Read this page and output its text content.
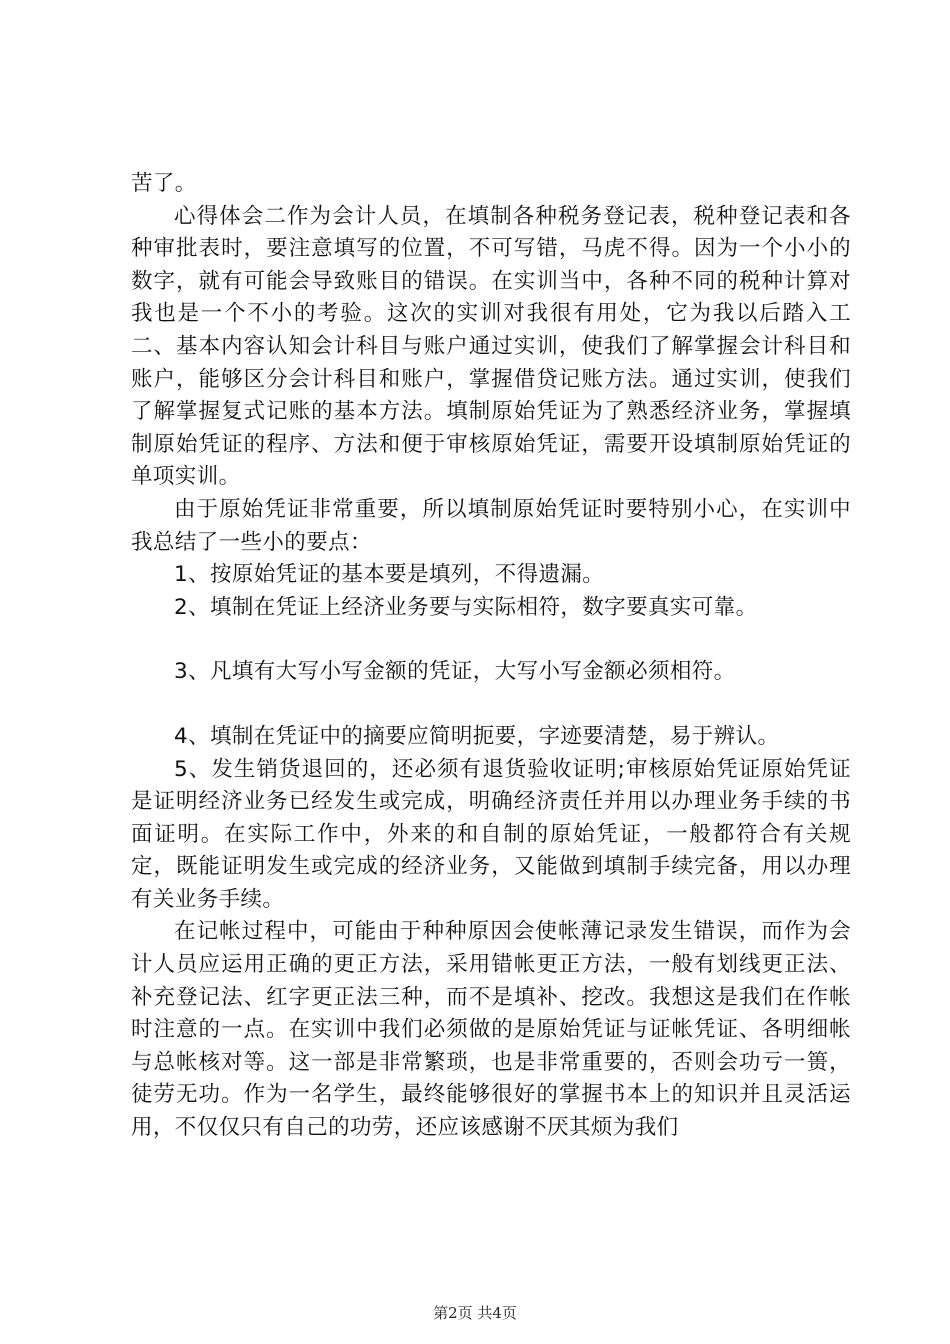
苦了。

心得体会二作为会计人员，在填制各种税务登记表，税种登记表和各种审批表时，要注意填写的位置，不可写错，马虎不得。因为一个小小的数字，就有可能会导致账目的错误。在实训当中，各种不同的税种计算对我也是一个不小的考验。这次的实训对我很有用处，它为我以后踏入工二、基本内容认知会计科目与账户通过实训，使我们了解掌握会计科目和账户，能够区分会计科目和账户，掌握借贷记账方法。通过实训，使我们了解掌握复式记账的基本方法。填制原始凭证为了熟悉经济业务，掌握填制原始凭证的程序、方法和便于审核原始凭证，需要开设填制原始凭证的单项实训。

由于原始凭证非常重要，所以填制原始凭证时要特别小心，在实训中我总结了一些小的要点：

1、按原始凭证的基本要是填列，不得遗漏。

2、填制在凭证上经济业务要与实际相符，数字要真实可靠。

3、凡填有大写小写金额的凭证，大写小写金额必须相符。

4、填制在凭证中的摘要应简明扼要，字迹要清楚，易于辨认。

5、发生销货退回的，还必须有退货验收证明;审核原始凭证原始凭证是证明经济业务已经发生或完成，明确经济责任并用以办理业务手续的书面证明。在实际工作中，外来的和自制的原始凭证，一般都符合有关规定，既能证明发生或完成的经济业务，又能做到填制手续完备，用以办理有关业务手续。

在记帐过程中，可能由于种种原因会使帐薄记录发生错误，而作为会计人员应运用正确的更正方法，采用错帐更正方法，一般有划线更正法、补充登记法、红字更正法三种，而不是填补、挖改。我想这是我们在作帐时注意的一点。在实训中我们必须做的是原始凭证与证帐凭证、各明细帐与总帐核对等。这一部是非常繁琐，也是非常重要的，否则会功亏一篑，徒劳无功。作为一名学生，最终能够很好的掌握书本上的知识并且灵活运用，不仅仅只有自己的功劳，还应该感谢不厌其烦为我们

第2页 共4页
